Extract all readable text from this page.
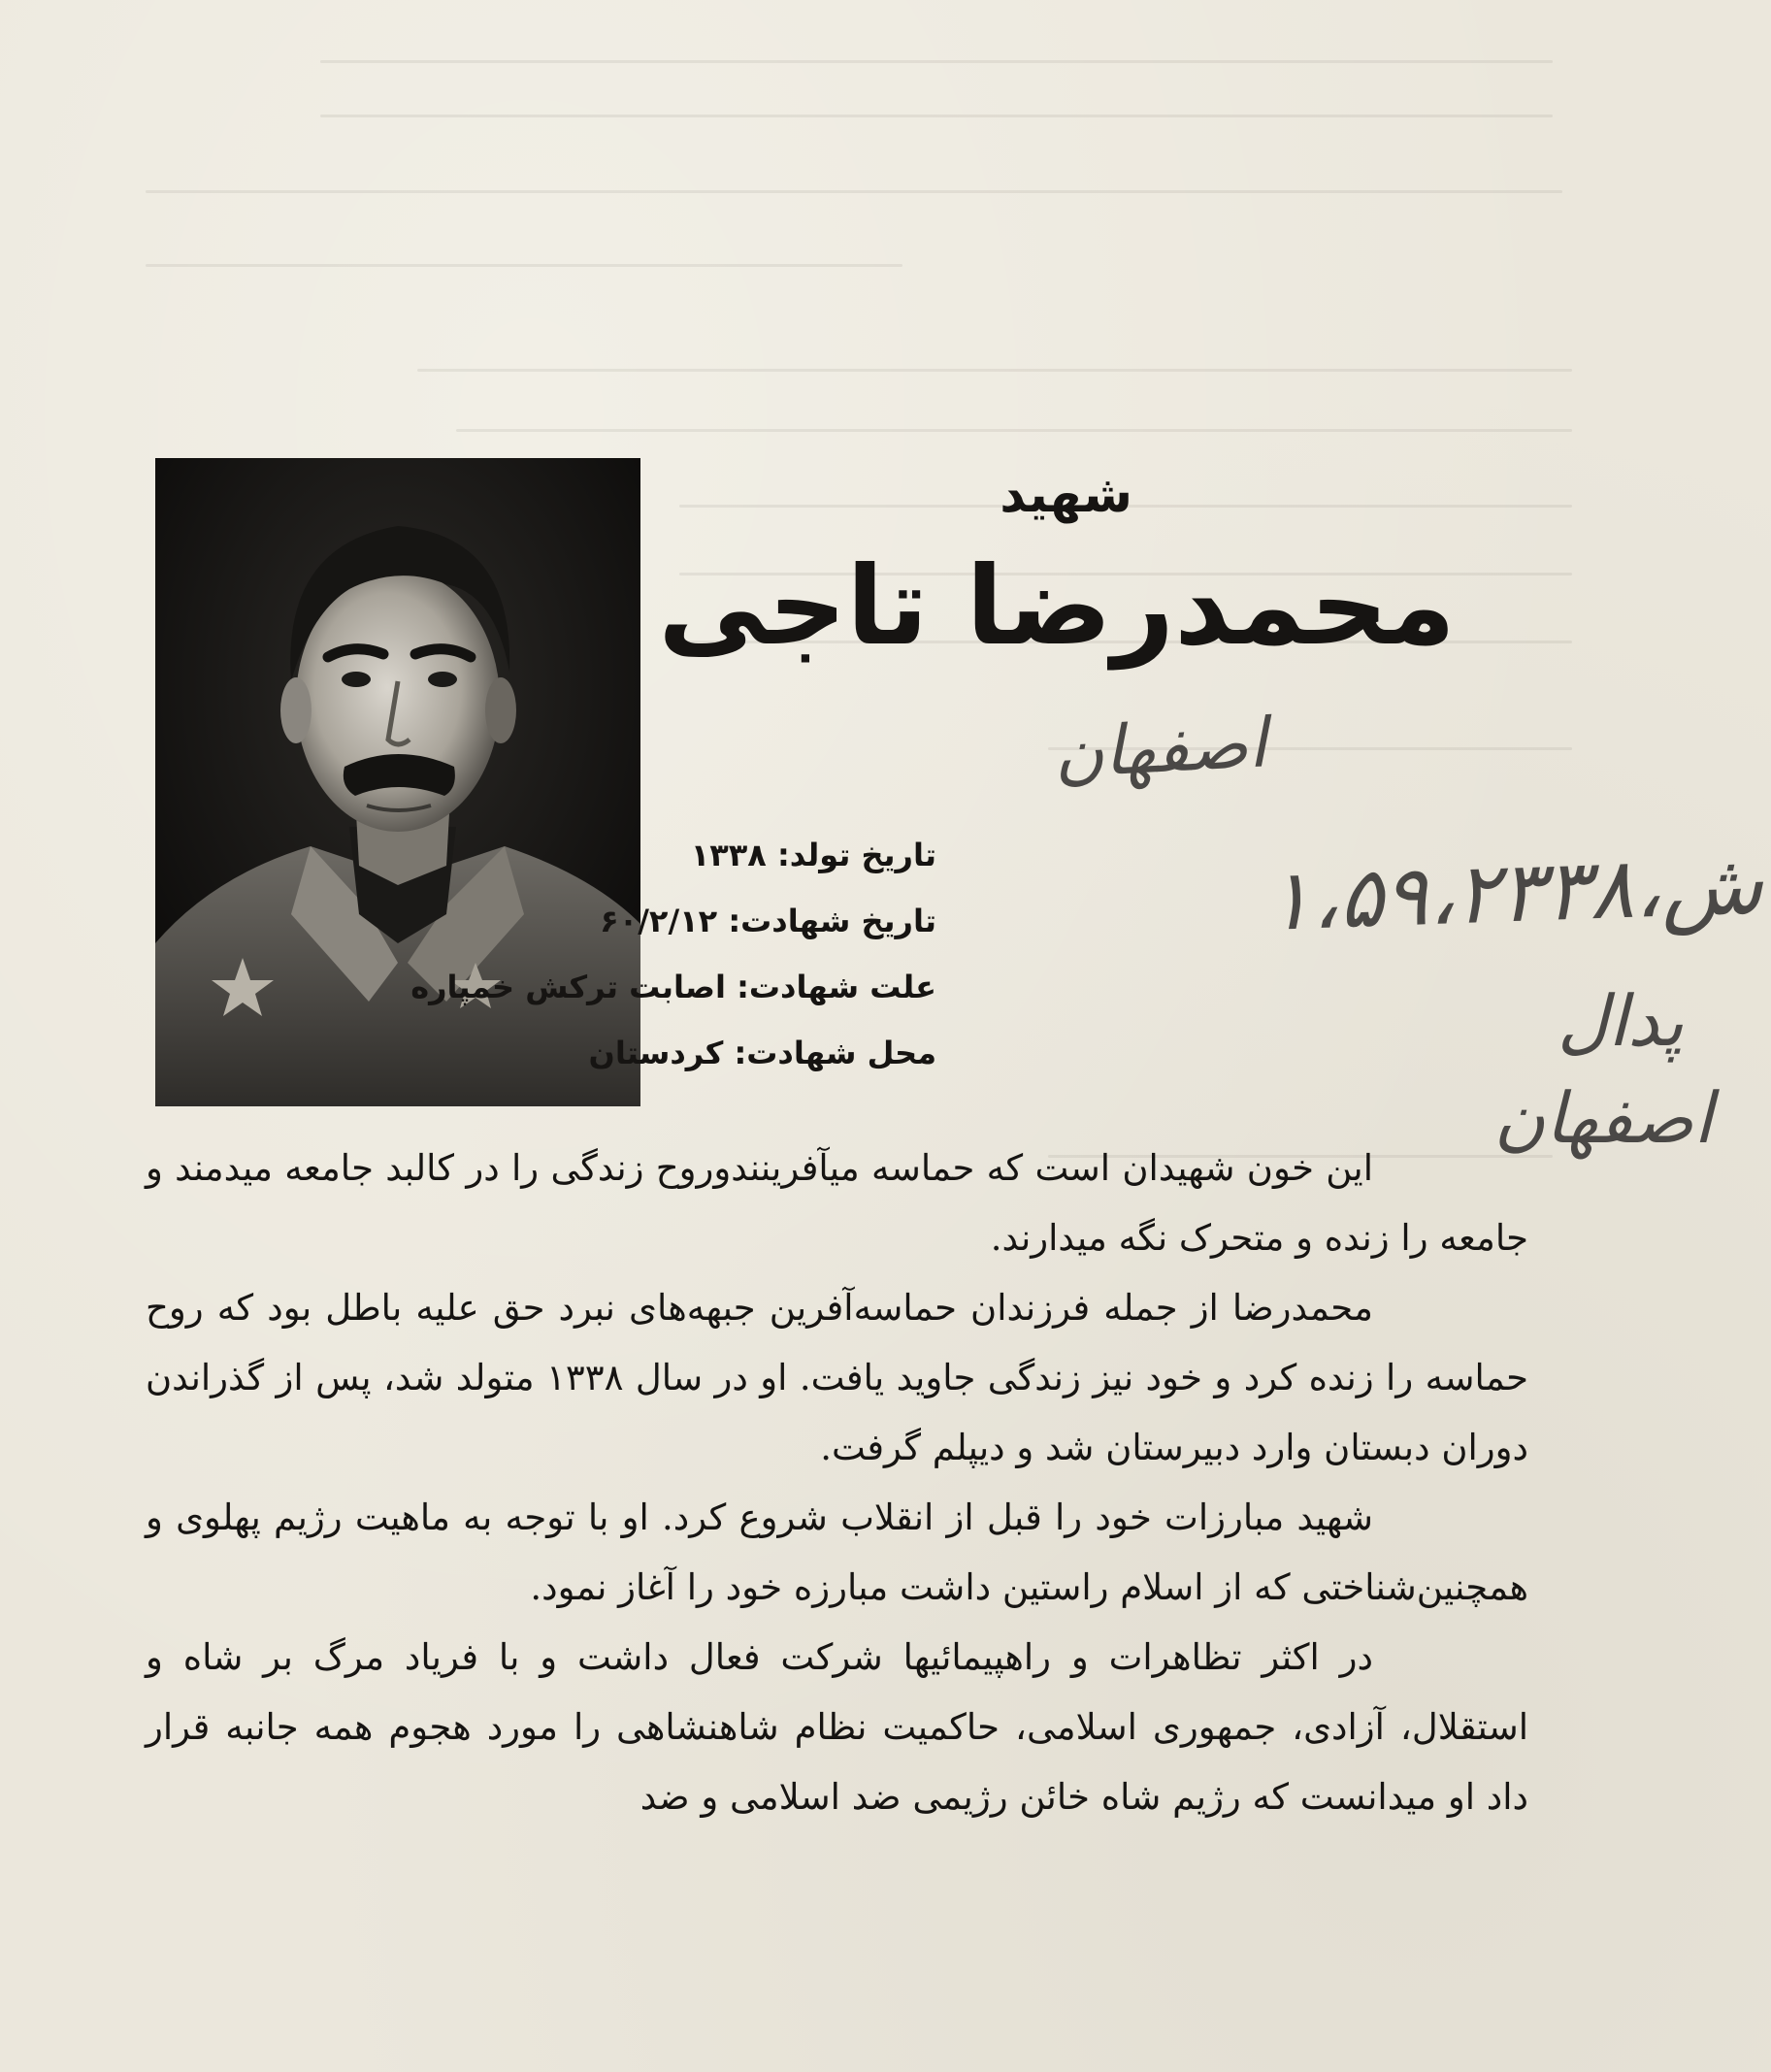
شهید
محمدرضا تاجی
اصفهان
ش،۱،۵۹،۲۳۳۸
پدال
اصفهان
تاریخ تولد: ۱۳۳۸
تاریخ شهادت: ۶۰/۲/۱۲
علت شهادت: اصابت ترکش خمپاره
محل شهادت: کردستان

این خون شهیدان است که حماسه میآفرینندوروح زندگی را در کالبد جامعه میدمند و جامعه را زنده و متحرک نگه میدارند.

محمدرضا از جمله فرزندان حماسه‌آفرین جبهه‌های نبرد حق علیه باطل بود که روح حماسه را زنده کرد و خود نیز زندگی جاوید یافت. او در سال ۱۳۳۸ متولد شد، پس از گذراندن دوران دبستان وارد دبیرستان شد و دیپلم گرفت.

شهید مبارزات خود را قبل از انقلاب شروع کرد. او با توجه به ماهیت رژیم پهلوی و همچنین‌شناختی که از اسلام راستین داشت مبارزه خود را آغاز نمود.

در اکثر تظاهرات و راهپیمائیها شرکت فعال داشت و با فریاد مرگ بر شاه و استقلال، آزادی، جمهوری اسلامی، حاکمیت نظام شاهنشاهی را مورد هجوم همه جانبه قرار داد او میدانست که رژیم شاه خائن رژیمی ضد اسلامی و ضد
